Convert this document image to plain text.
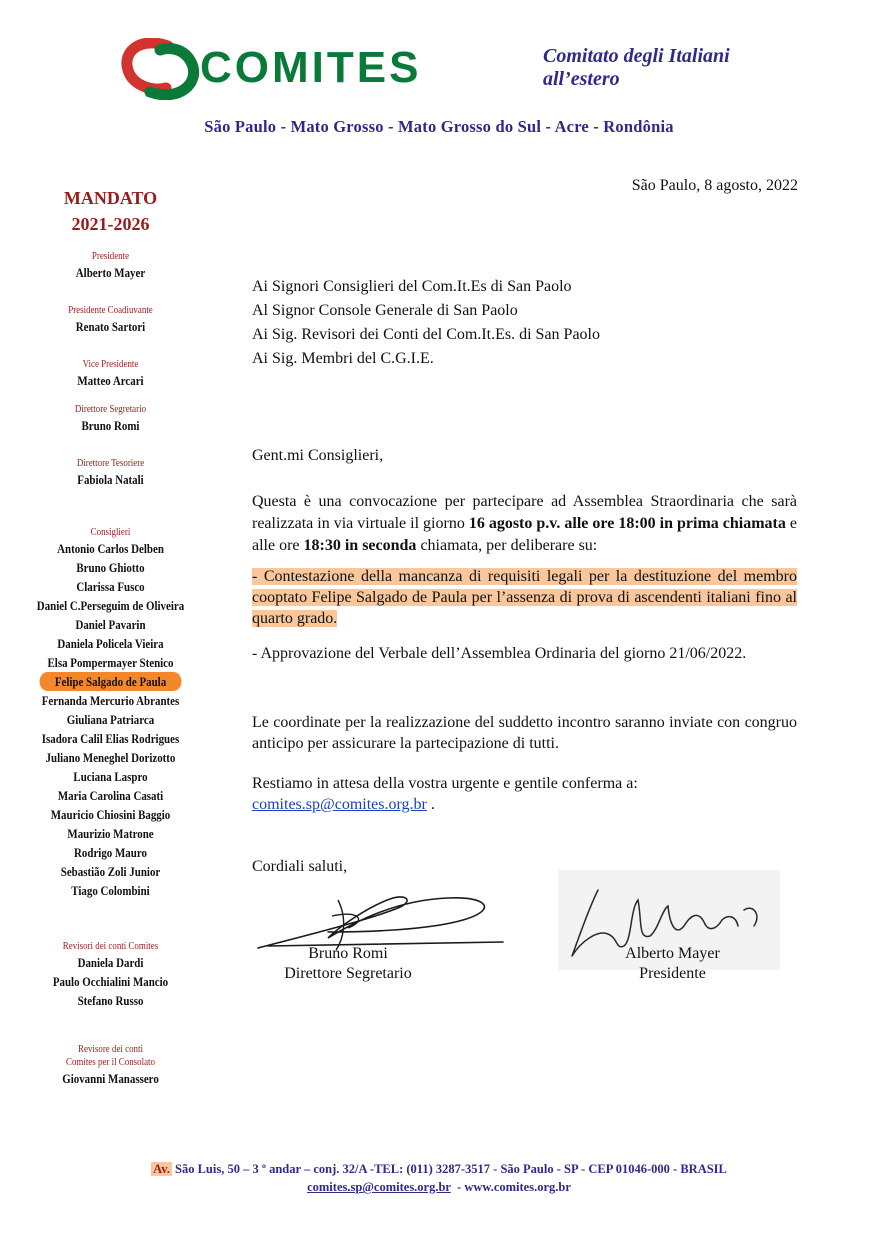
COMITES	Comitato degli Italiani
all’estero
São Paulo - Mato Grosso - Mato Grosso do Sul - Acre - Rondônia
MANDATO
2021-2026
Presidente
Alberto Mayer
Presidente Coadiuvante
Renato Sartori
Vice Presidente
Matteo Arcari
Direttore Segretario
Bruno Romi
Direttore Tesoriere
Fabiola Natali
Consiglieri
Antonio Carlos Delben
Bruno Ghiotto
Clarissa Fusco
Daniel C.Perseguim de Oliveira
Daniel Pavarin
Daniela Policela Vieira
Elsa Pompermayer Stenico
Felipe Salgado de Paula
Fernanda Mercurio Abrantes
Giuliana Patriarca
Isadora Calil Elias Rodrigues
Juliano Meneghel Dorizotto
Luciana Laspro
Maria Carolina Casati
Mauricio Chiosini Baggio
Maurizio Matrone
Rodrigo Mauro
Sebastião Zoli Junior
Tiago Colombini
Revisori dei conti Comites
Daniela Dardi
Paulo Occhialini Mancio
Stefano Russo
Revisore dei conti
Comites per il Consolato
Giovanni Manassero
São Paulo, 8 agosto, 2022
Ai Signori Consiglieri del Com.It.Es di San Paolo
Al Signor Console Generale di San Paolo
Ai Sig. Revisori dei Conti del Com.It.Es. di San Paolo
Ai Sig. Membri del C.G.I.E.
Gent.mi Consiglieri,
Questa è una convocazione per partecipare ad Assemblea Straordinaria che sarà realizzata in via virtuale il giorno 16 agosto p.v. alle ore 18:00 in prima chiamata e alle ore 18:30 in seconda chiamata, per deliberare su:
- Contestazione della mancanza di requisiti legali per la destituzione del membro cooptato Felipe Salgado de Paula per l’assenza di prova di ascendenti italiani fino al quarto grado.
- Approvazione del Verbale dell’Assemblea Ordinaria del giorno 21/06/2022.
Le coordinate per la realizzazione del suddetto incontro saranno inviate con congruo anticipo per assicurare la partecipazione di tutti.
Restiamo in attesa della vostra urgente e gentile conferma a:
comites.sp@comites.org.br .
Cordiali saluti,
Bruno Romi
Direttore Segretario
Alberto Mayer
Presidente
Av. São Luis, 50 – 3 º andar – conj. 32/A -TEL: (011) 3287-3517 - São Paulo - SP - CEP 01046-000 - BRASIL
comites.sp@comites.org.br  - www.comites.org.br
